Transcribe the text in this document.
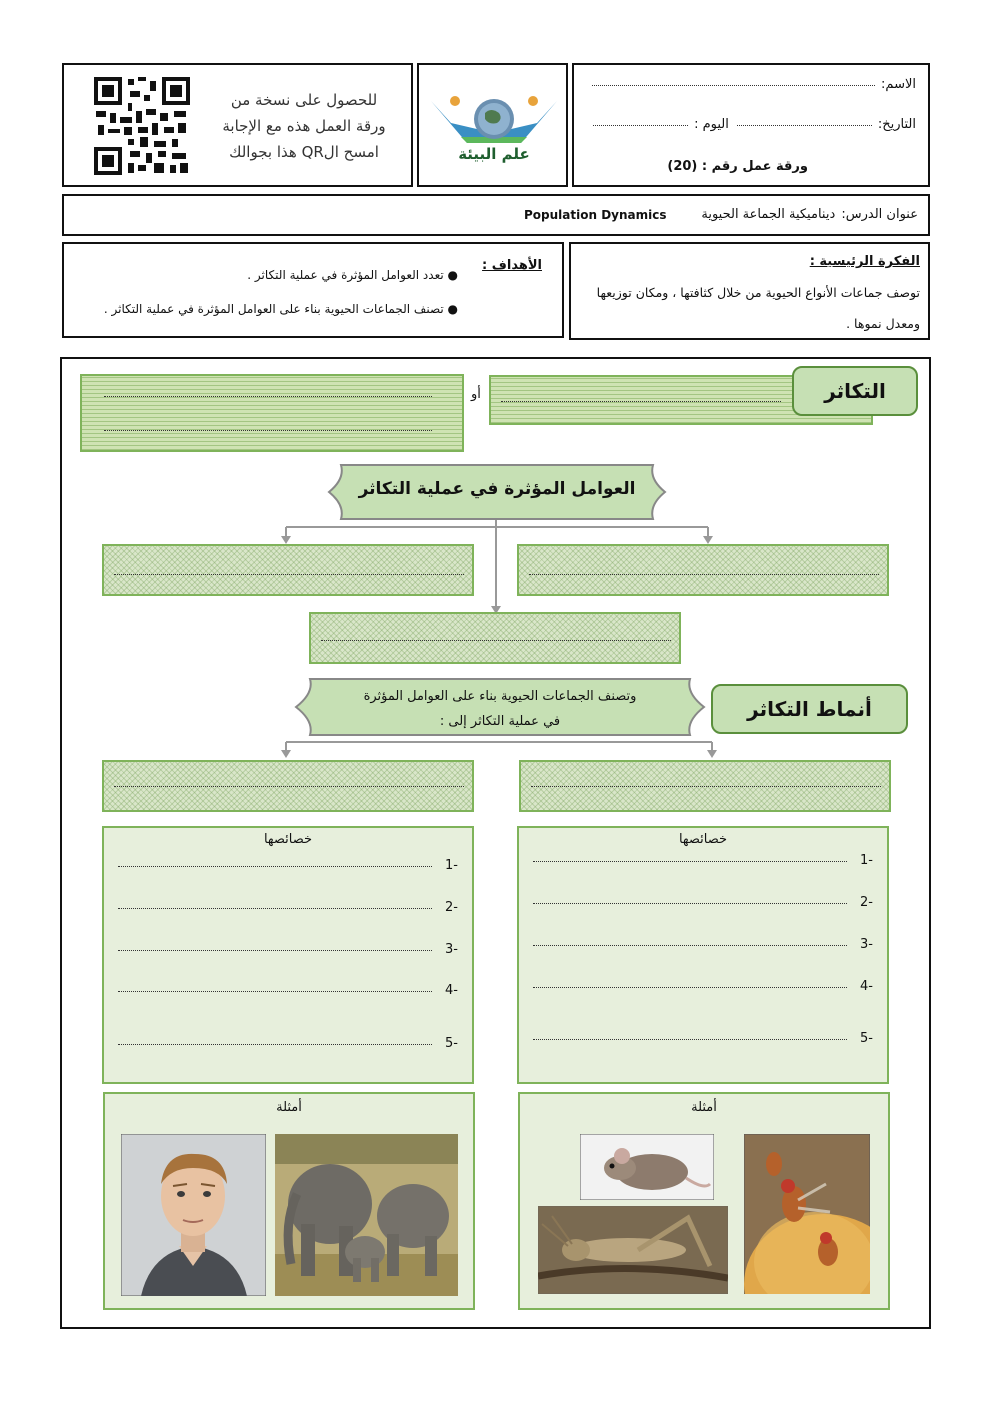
للحصول على نسخة من
ورقة العمل هذه مع الإجابة
امسح الQR هذا بجوالك	علم البيئة
الاسم:
التاريخ:
اليوم :
ورقة عمل رقم : (20)
عنوان الدرس: ديناميكية الجماعة الحيوية
Population Dynamics
الأهداف :
● تعدد العوامل المؤثرة في عملية التكاثر .
● تصنف الجماعات الحيوية بناء على العوامل المؤثرة في عملية التكاثر .
الفكرة الرئيسية :
توصف جماعات الأنواع الحيوية من خلال كثافتها ، ومكان توزيعها
ومعدل نموها .
التكاثر
أو
العوامل المؤثرة في عملية التكاثر
وتصنف الجماعات الحيوية بناء على العوامل المؤثرة
في عملية التكاثر إلى :
أنماط التكاثر
خصائصها
-1
-2
-3
-4
-5
خصائصها
-1
-2
-3
-4
-5
أمثلة	أمثلة
